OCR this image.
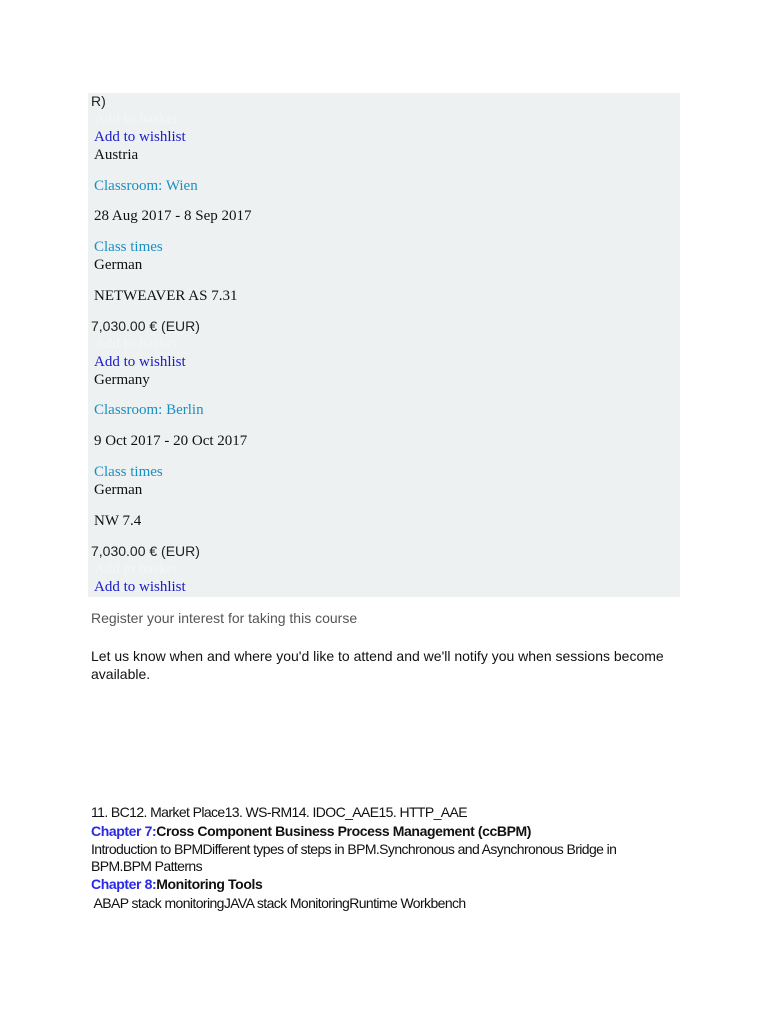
R)
Add to basket
Add to wishlist
Austria
Classroom: Wien
28 Aug 2017 - 8 Sep 2017
Class times
German
NETWEAVER AS 7.31
7,030.00 € (EUR)
Add to basket
Add to wishlist
Germany
Classroom: Berlin
9 Oct 2017 - 20 Oct 2017
Class times
German
NW 7.4
7,030.00 € (EUR)
Add to basket
Add to wishlist
Register your interest for taking this course
Let us know when and where you'd like to attend and we'll notify you when sessions become available.
11. BC12. Market Place13. WS-RM14. IDOC_AAE15. HTTP_AAE
Chapter 7:Cross Component Business Process Management (ccBPM)
Introduction to BPMDifferent types of steps in BPM.Synchronous and Asynchronous Bridge in
BPM.BPM Patterns
Chapter 8:Monitoring Tools
ABAP stack monitoringJAVA stack MonitoringRuntime Workbench
